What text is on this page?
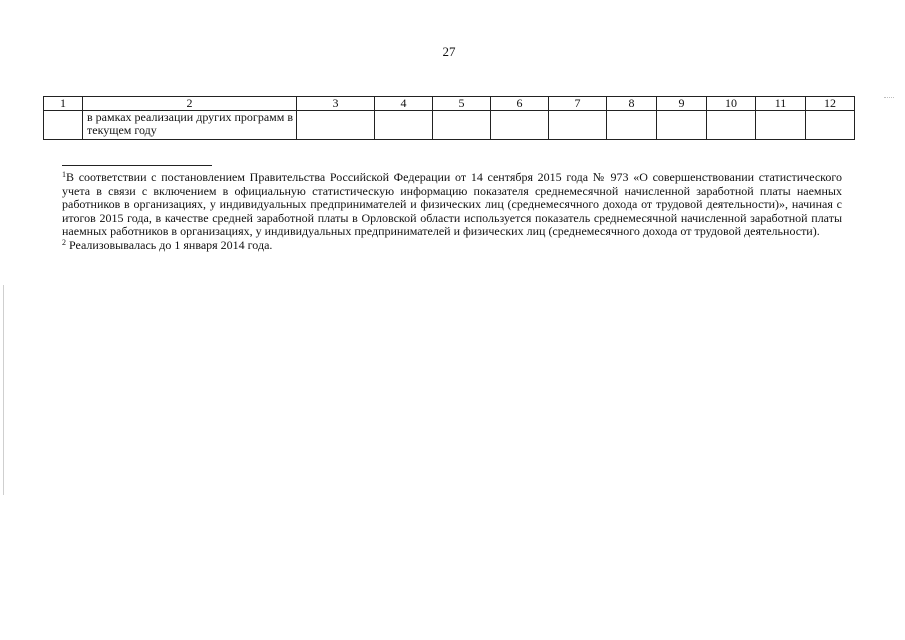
27
1	2	3	4	5	6	7	8	9	10	11	12
	в рамках реализации других программ в текущем году										

$^1$В соответствии с постановлением Правительства Российской Федерации от 14 сентября 2015 года № 973 «О совершенствовании статистического учета в связи с включением в официальную статистическую информацию показателя среднемесячной начисленной заработной платы наемных работников в организациях, у индивидуальных предпринимателей и физических лиц (среднемесячного дохода от трудовой деятельности)», начиная с итогов 2015 года, в качестве средней заработной платы в Орловской области используется показатель среднемесячной начисленной заработной платы наемных работников в организациях, у индивидуальных предпринимателей и физических лиц (среднемесячного дохода от трудовой деятельности).

$^2$ Реализовывалась до 1 января 2014 года.
